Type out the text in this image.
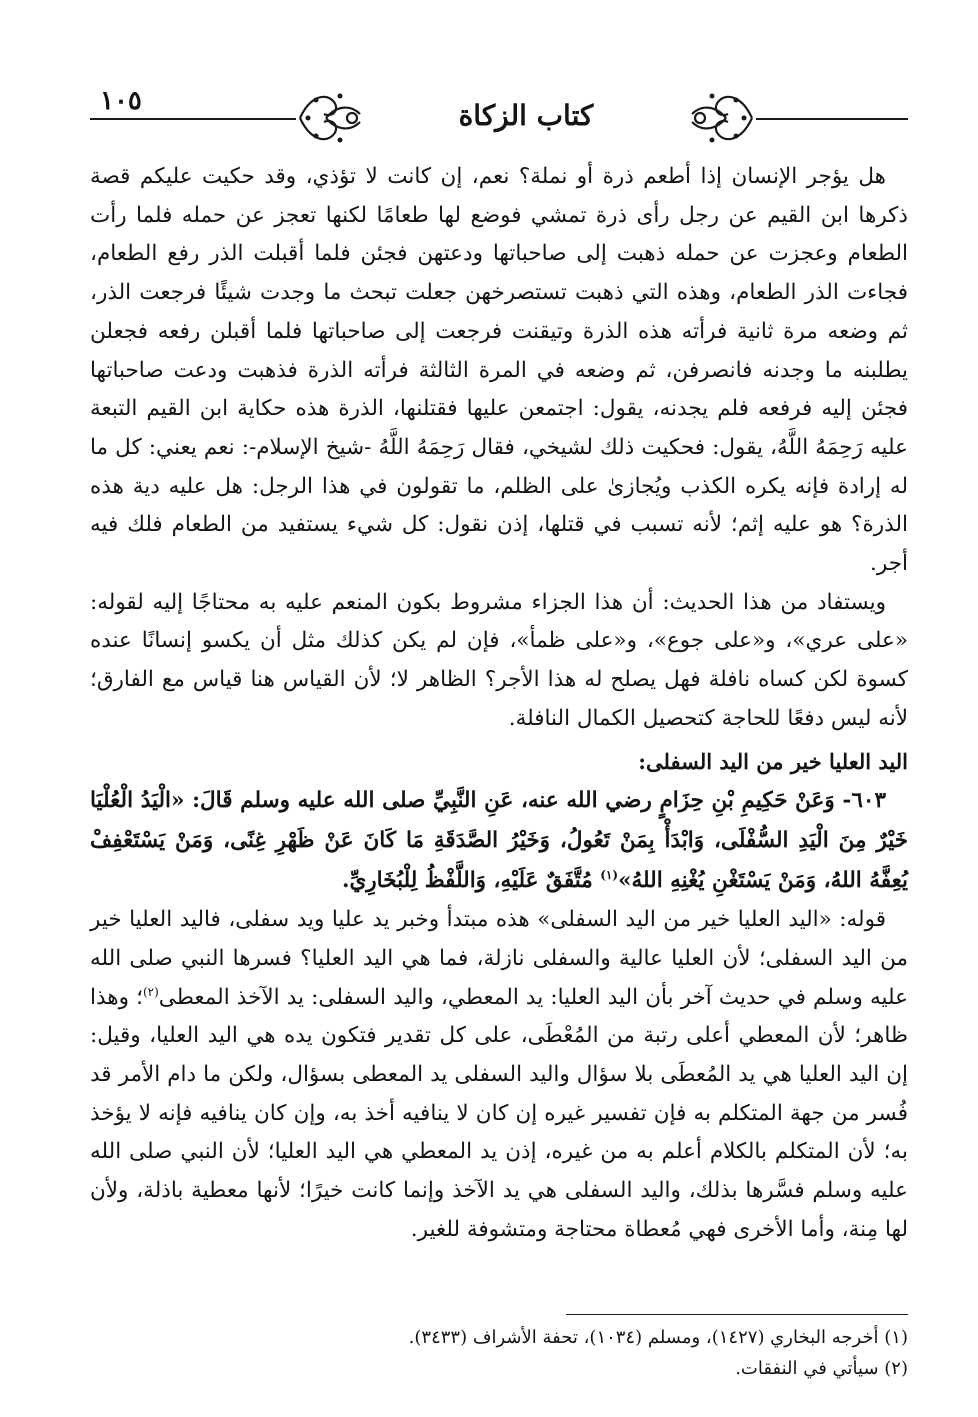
١٠٥	كتاب الزكاة

هل يؤجر الإنسان إذا أطعم ذرة أو نملة؟ نعم، إن كانت لا تؤذي، وقد حكيت عليكم قصة ذكرها ابن القيم عن رجل رأى ذرة تمشي فوضع لها طعامًا لكنها تعجز عن حمله فلما رأت الطعام وعجزت عن حمله ذهبت إلى صاحباتها ودعتهن فجئن فلما أقبلت الذر رفع الطعام، فجاءت الذر الطعام، وهذه التي ذهبت تستصرخهن جعلت تبحث ما وجدت شيئًا فرجعت الذر، ثم وضعه مرة ثانية فرأته هذه الذرة وتيقنت فرجعت إلى صاحباتها فلما أقبلن رفعه فجعلن يطلبنه ما وجدنه فانصرفن، ثم وضعه في المرة الثالثة فرأته الذرة فذهبت ودعت صاحباتها فجئن إليه فرفعه فلم يجدنه، يقول: اجتمعن عليها فقتلنها، الذرة هذه حكاية ابن القيم التبعة عليه رَحِمَهُ اللَّهُ، يقول: فحكيت ذلك لشيخي، فقال رَحِمَهُ اللَّهُ -شيخ الإسلام-: نعم يعني: كل ما له إرادة فإنه يكره الكذب ويُجازىٰ على الظلم، ما تقولون في هذا الرجل: هل عليه دية هذه الذرة؟ هو عليه إثم؛ لأنه تسبب في قتلها، إذن نقول: كل شيء يستفيد من الطعام فلك فيه أجر.

ويستفاد من هذا الحديث: أن هذا الجزاء مشروط بكون المنعم عليه به محتاجًا إليه لقوله: «على عري»، و«على جوع»، و«على ظمأ»، فإن لم يكن كذلك مثل أن يكسو إنسانًا عنده كسوة لكن كساه نافلة فهل يصلح له هذا الأجر؟ الظاهر لا؛ لأن القياس هنا قياس مع الفارق؛ لأنه ليس دفعًا للحاجة كتحصيل الكمال النافلة.

اليد العليا خير من اليد السفلى:

٦٠٣- وَعَنْ حَكِيمِ بْنِ حِزَامٍ رضي الله عنه، عَنِ النَّبِيِّ صلى الله عليه وسلم قَالَ: «الْيَدُ الْعُلْيَا خَيْرٌ مِنَ الْيَدِ السُّفْلَى، وَابْدَأْ بِمَنْ تَعُولُ، وَخَيْرُ الصَّدَقَةِ مَا كَانَ عَنْ ظَهْرِ غِنًى، وَمَنْ يَسْتَعْفِفْ يُعِفَّهُ اللهُ، وَمَنْ يَسْتَغْنِ يُغْنِهِ اللهُ»$^{(١)}$ مُتَّفَقٌ عَلَيْهِ، وَاللَّفْظُ لِلْبُخَارِيِّ.

قوله: «اليد العليا خير من اليد السفلى» هذه مبتدأ وخبر يد عليا ويد سفلى، فاليد العليا خير من اليد السفلى؛ لأن العليا عالية والسفلى نازلة، فما هي اليد العليا؟ فسرها النبي صلى الله عليه وسلم في حديث آخر بأن اليد العليا: يد المعطي، واليد السفلى: يد الآخذ المعطى$^{(٢)}$؛ وهذا ظاهر؛ لأن المعطي أعلى رتبة من المُعْطَى، على كل تقدير فتكون يده هي اليد العليا، وقيل: إن اليد العليا هي يد المُعطَى بلا سؤال واليد السفلى يد المعطى بسؤال، ولكن ما دام الأمر قد فُسر من جهة المتكلم به فإن تفسير غيره إن كان لا ينافيه أخذ به، وإن كان ينافيه فإنه لا يؤخذ به؛ لأن المتكلم بالكلام أعلم به من غيره، إذن يد المعطي هي اليد العليا؛ لأن النبي صلى الله عليه وسلم فسَّرها بذلك، واليد السفلى هي يد الآخذ وإنما كانت خيرًا؛ لأنها معطية باذلة، ولأن لها مِنة، وأما الأخرى فهي مُعطاة محتاجة ومتشوفة للغير.

(١) أخرجه البخاري (١٤٢٧)، ومسلم (١٠٣٤)، تحفة الأشراف (٣٤٣٣).

(٢) سيأتي في النفقات.
